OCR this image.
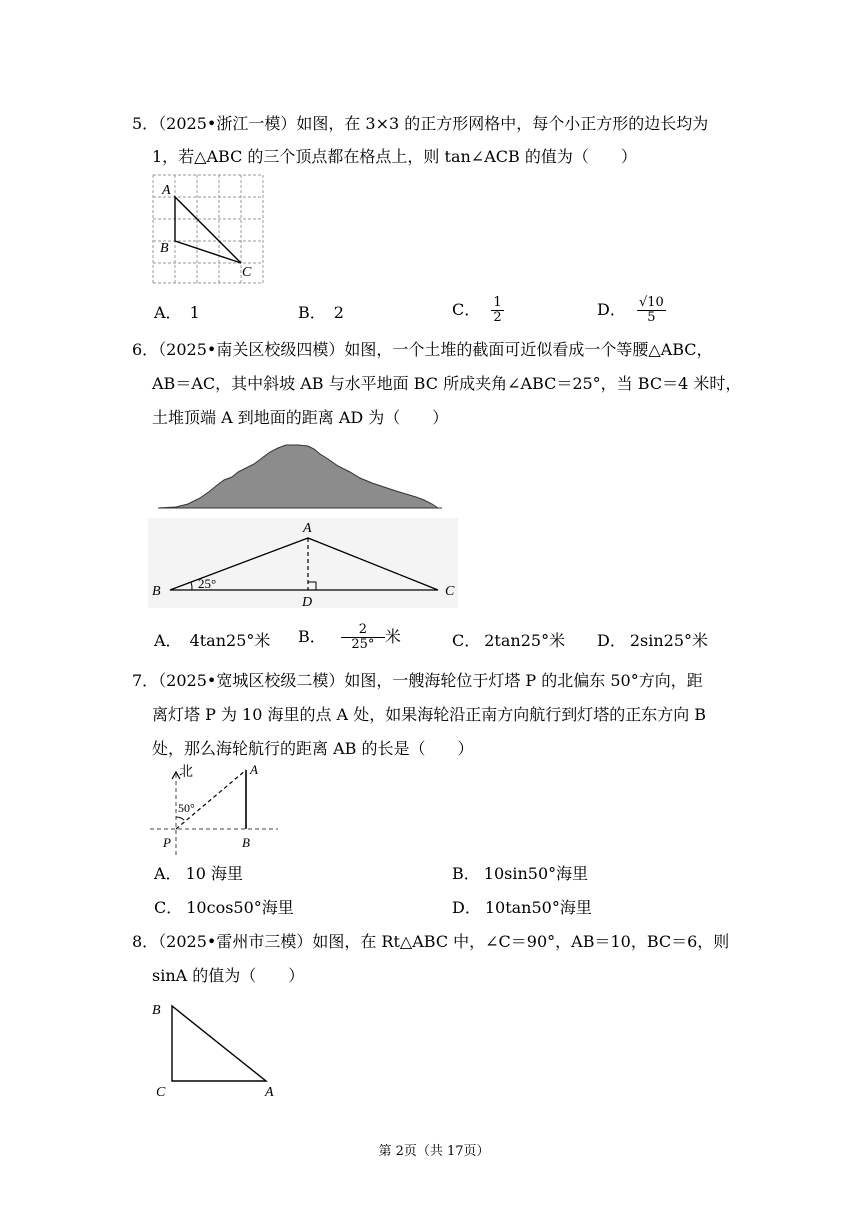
5．（2025•浙江一模）如图，在 3×3 的正方形网格中，每个小正方形的边长均为
1，若△ABC 的三个顶点都在格点上，则 tan∠ACB 的值为（　　）
A
B
C
A． 1	B． 2	C． $\frac{1}{2}$	D． $\frac{√10}{5}$
6．（2025•南关区校级四模）如图，一个土堆的截面可近似看成一个等腰△ABC，
AB＝AC，其中斜坡 AB 与水平地面 BC 所成夹角∠ABC＝25°，当 BC＝4 米时，
土堆顶端 A 到地面的距离 AD 为（　　）
A
B	C
D
25°
A． 4tan25°米 B． $\frac{2}{25^\circ}$ 米	C． 2tan25°米 D． 2sin25°米
7．（2025•宽城区校级二模）如图，一艘海轮位于灯塔 P 的北偏东 50°方向，距
离灯塔 P 为 10 海里的点 A 处，如果海轮沿正南方向航行到灯塔的正东方向 B
处，那么海轮航行的距离 AB 的长是（　　）
北	A
50°
P	B
A． 10 海里	B． 10sin50°海里
C． 10cos50°海里	D． 10tan50°海里
8．（2025•雷州市三模）如图，在 Rt△ABC 中，∠C＝90°，AB＝10，BC＝6，则
sinA 的值为（　　）
B
C	A
第 2页（共 17页）
